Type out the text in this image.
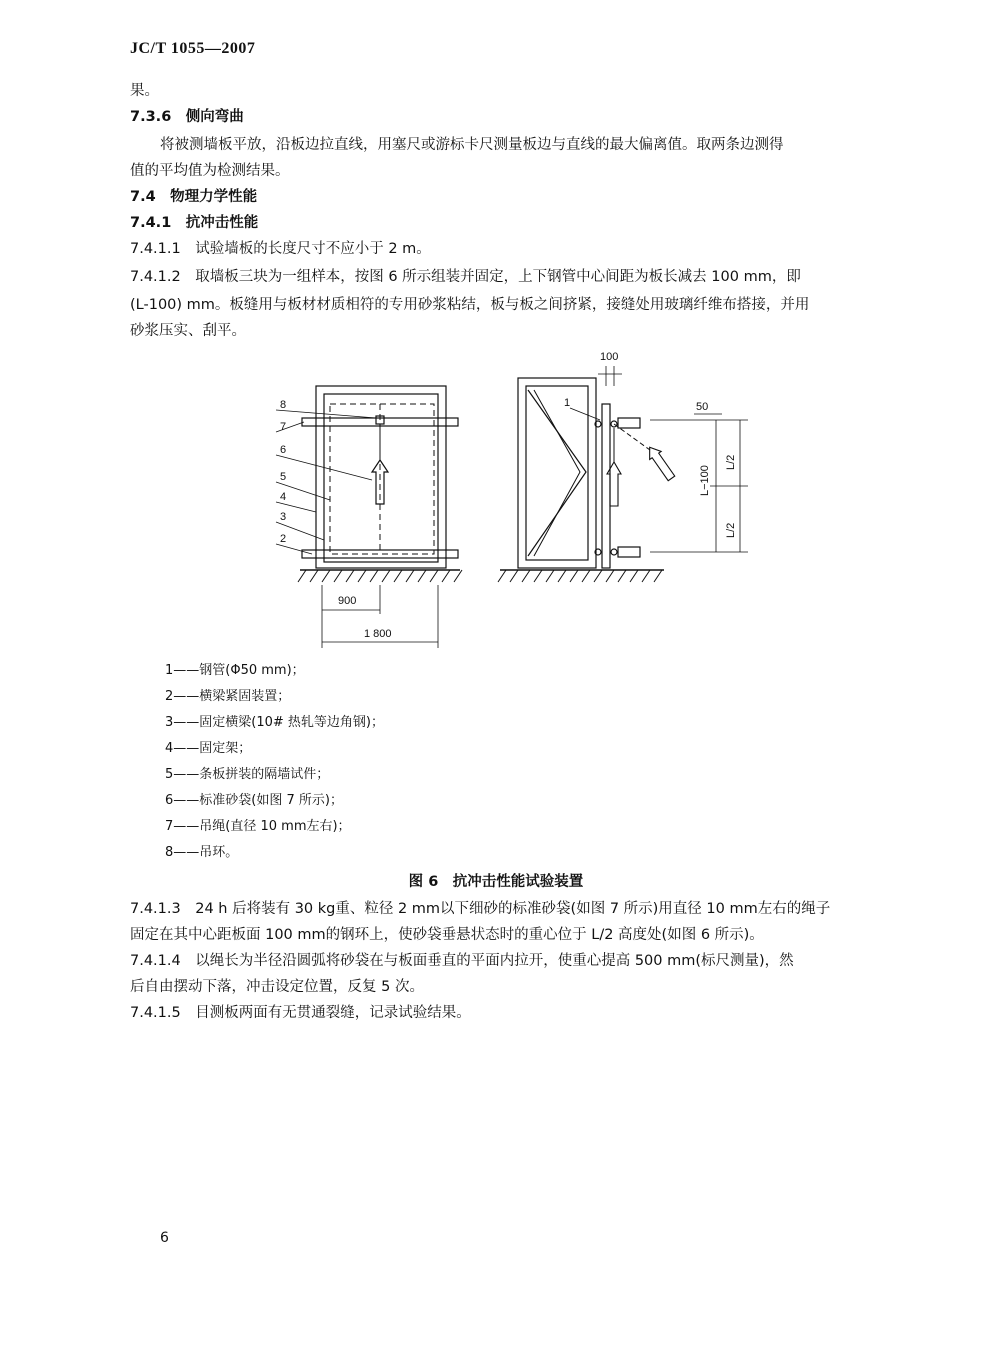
JC/T 1055—2007
果。
7.3.6　侧向弯曲
将被测墙板平放，沿板边拉直线，用塞尺或游标卡尺测量板边与直线的最大偏离值。取两条边测得
值的平均值为检测结果。
7.4　物理力学性能
7.4.1　抗冲击性能
7.4.1.1　试验墙板的长度尺寸不应小于 2 m。
7.4.1.2　取墙板三块为一组样本，按图 6 所示组装并固定，上下钢管中心间距为板长减去 100 mm，即
(L-100) mm。板缝用与板材材质相符的专用砂浆粘结，板与板之间挤紧，接缝处用玻璃纤维布搭接，并用
砂浆压实、刮平。
8
7
6
5
4
3
2
900
1 800
100
1	50
L−100
L/2
L/2
1——钢管(Φ50 mm)；
2——横梁紧固装置；
3——固定横梁(10# 热轧等边角钢)；
4——固定架；
5——条板拼装的隔墙试件；
6——标准砂袋(如图 7 所示)；
7——吊绳(直径 10 mm左右)；
8——吊环。
图 6　抗冲击性能试验装置
7.4.1.3　24 h 后将装有 30 kg重、粒径 2 mm以下细砂的标准砂袋(如图 7 所示)用直径 10 mm左右的绳子
固定在其中心距板面 100 mm的钢环上，使砂袋垂悬状态时的重心位于 L/2 高度处(如图 6 所示)。
7.4.1.4　以绳长为半径沿圆弧将砂袋在与板面垂直的平面内拉开，使重心提高 500 mm(标尺测量)，然
后自由摆动下落，冲击设定位置，反复 5 次。
7.4.1.5　目测板两面有无贯通裂缝，记录试验结果。
6
